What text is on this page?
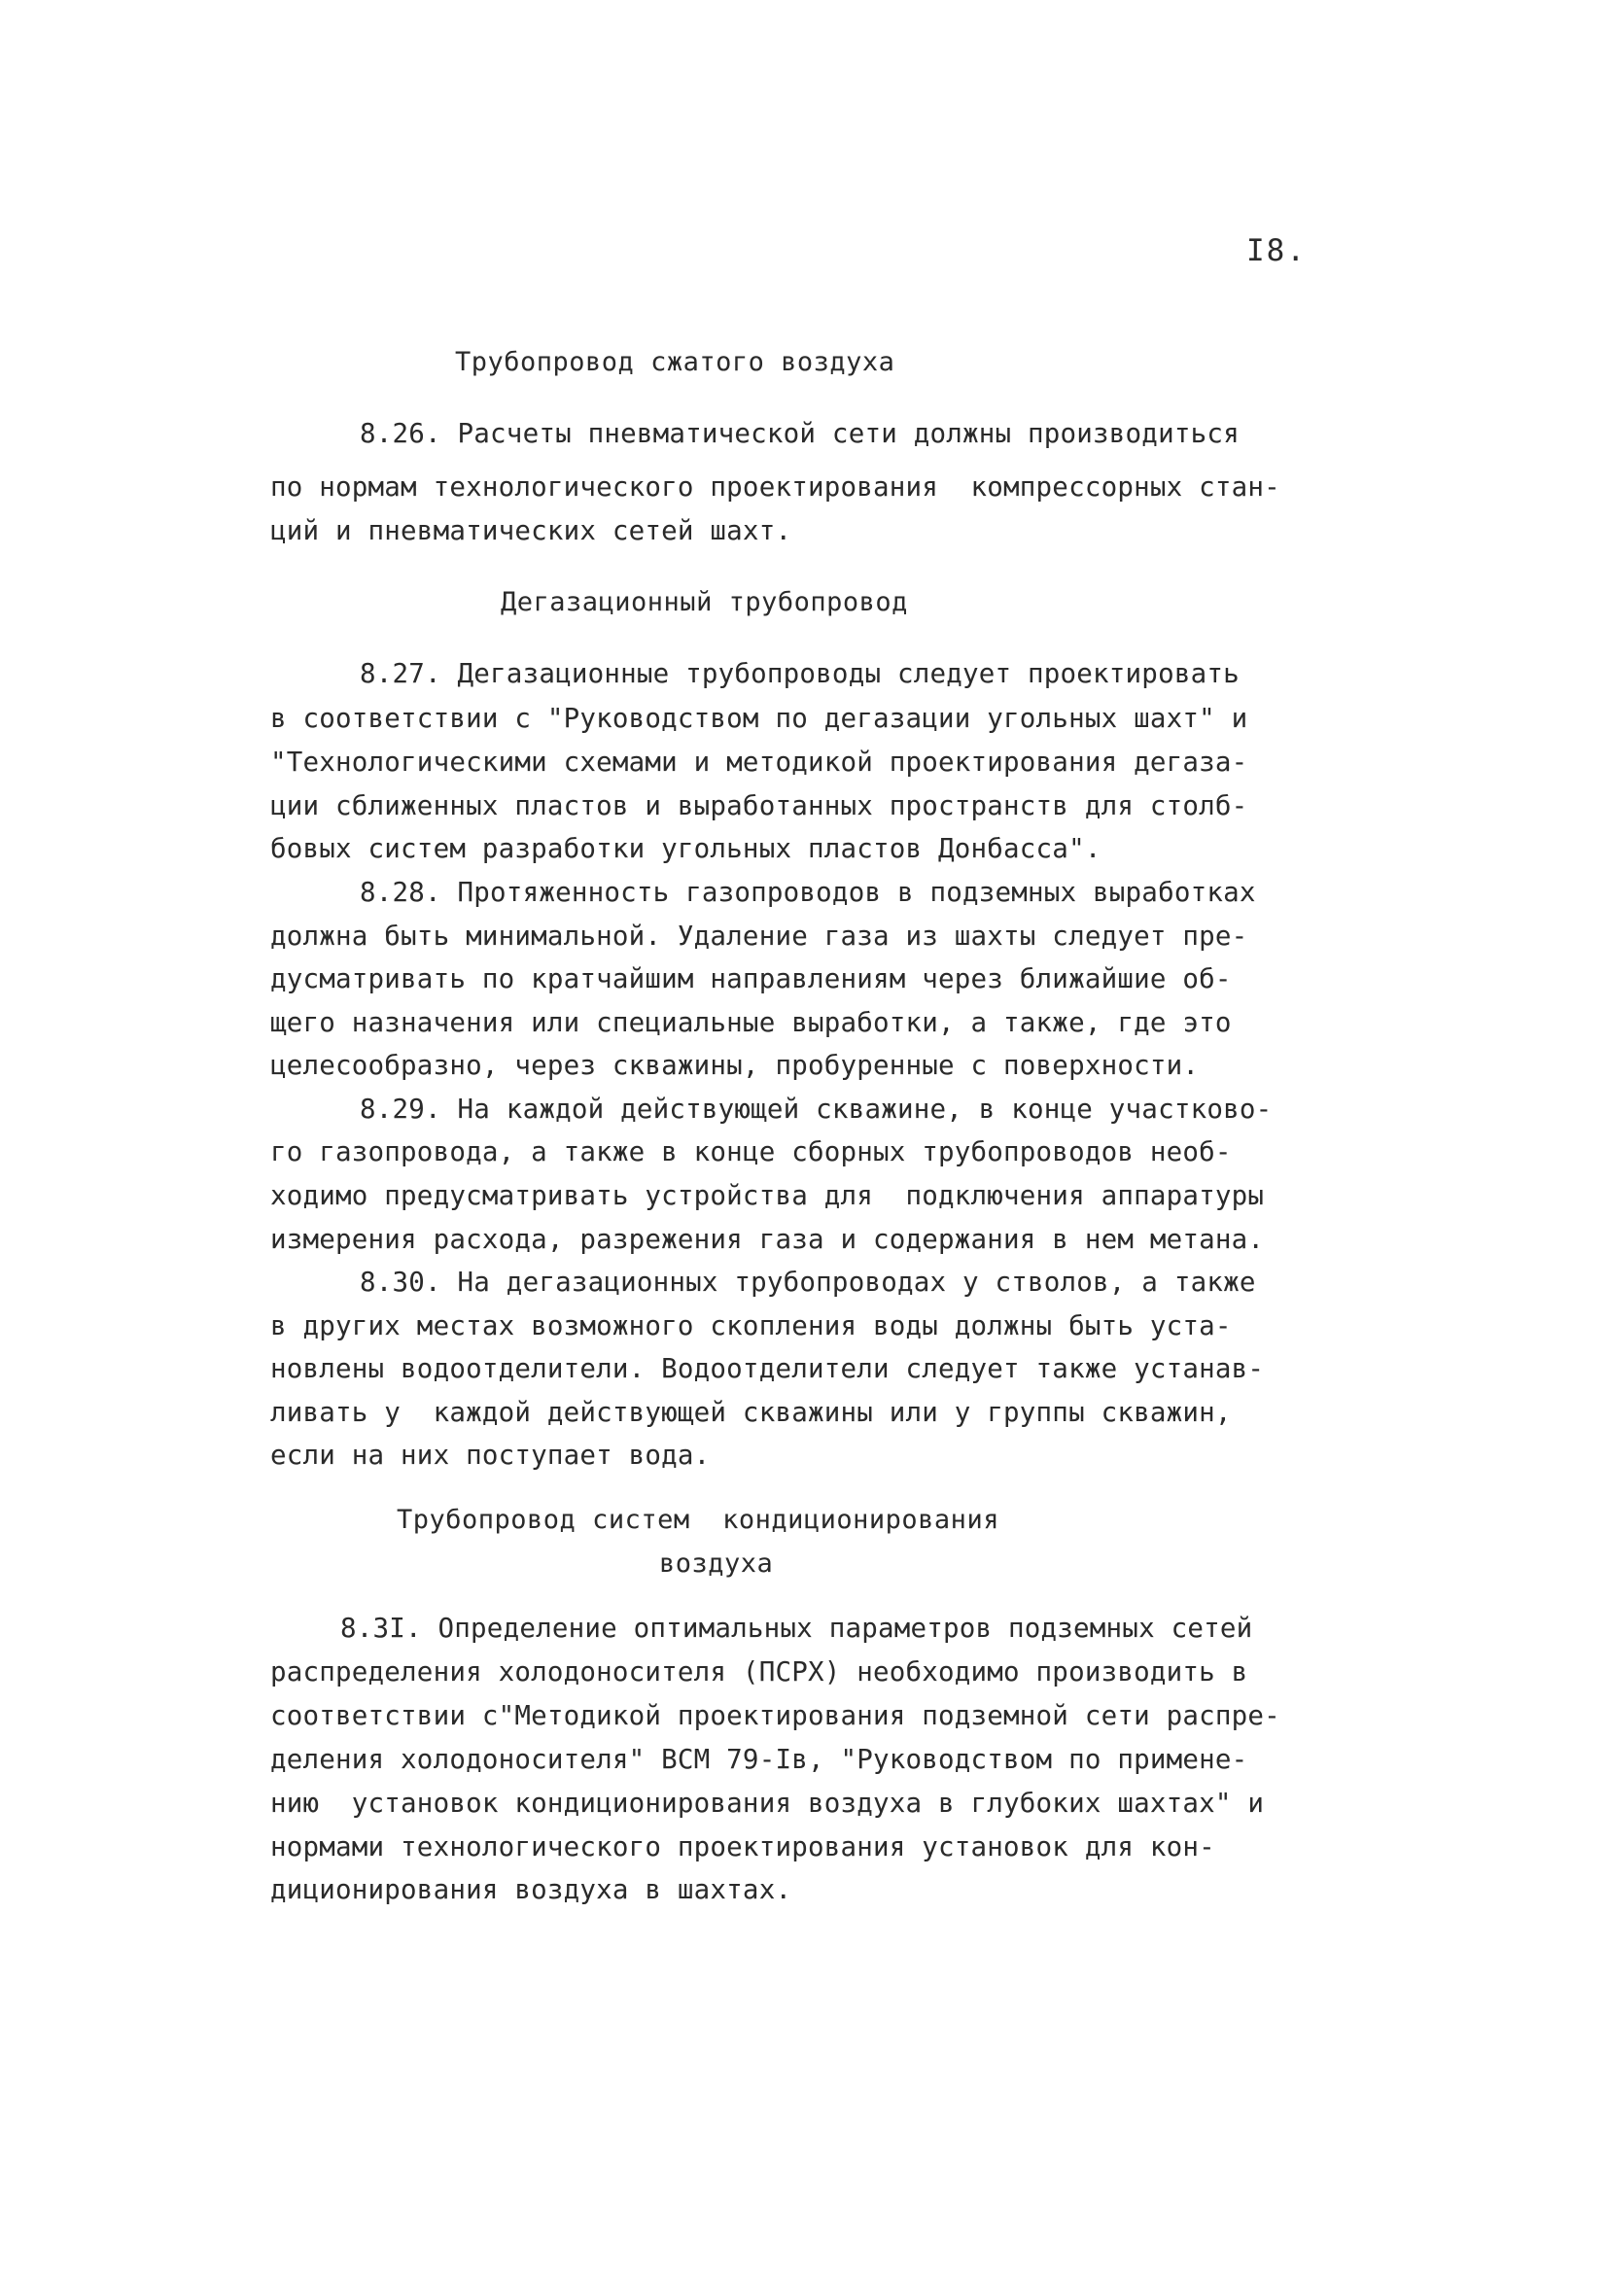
I8.
Трубопровод сжатого воздуха
8.26. Расчеты пневматической сети должны производиться
по нормам технологического проектирования  компрессорных стан-
ций и пневматических сетей шахт.
Дегазационный трубопровод
8.27. Дегазационные трубопроводы следует проектировать
в соответствии с "Руководством по дегазации угольных шахт" и
"Технологическими схемами и методикой проектирования дегаза-
ции сближенных пластов и выработанных пространств для столб-
бовых систем разработки угольных пластов Донбасса".
8.28. Протяженность газопроводов в подземных выработках
должна быть минимальной. Удаление газа из шахты следует пре-
дусматривать по кратчайшим направлениям через ближайшие об-
щего назначения или специальные выработки, а также, где это
целесообразно, через скважины, пробуренные с поверхности.
8.29. На каждой действующей скважине, в конце участково-
го газопровода, а также в конце сборных трубопроводов необ-
ходимо предусматривать устройства для  подключения аппаратуры
измерения расхода, разрежения газа и содержания в нем метана.
8.30. На дегазационных трубопроводах у стволов, а также
в других местах возможного скопления воды должны быть уста-
новлены водоотделители. Водоотделители следует также устанав-
ливать у  каждой действующей скважины или у группы скважин,
если на них поступает вода.
Трубопровод систем  кондиционирования
воздуха
8.3I. Определение оптимальных параметров подземных сетей
распределения холодоносителя (ПСРХ) необходимо производить в
соответствии с"Методикой проектирования подземной сети распре-
деления холодоносителя" ВСМ 79-Iв, "Руководством по примене-
нию  установок кондиционирования воздуха в глубоких шахтах" и
нормами технологического проектирования установок для кон-
диционирования воздуха в шахтах.
